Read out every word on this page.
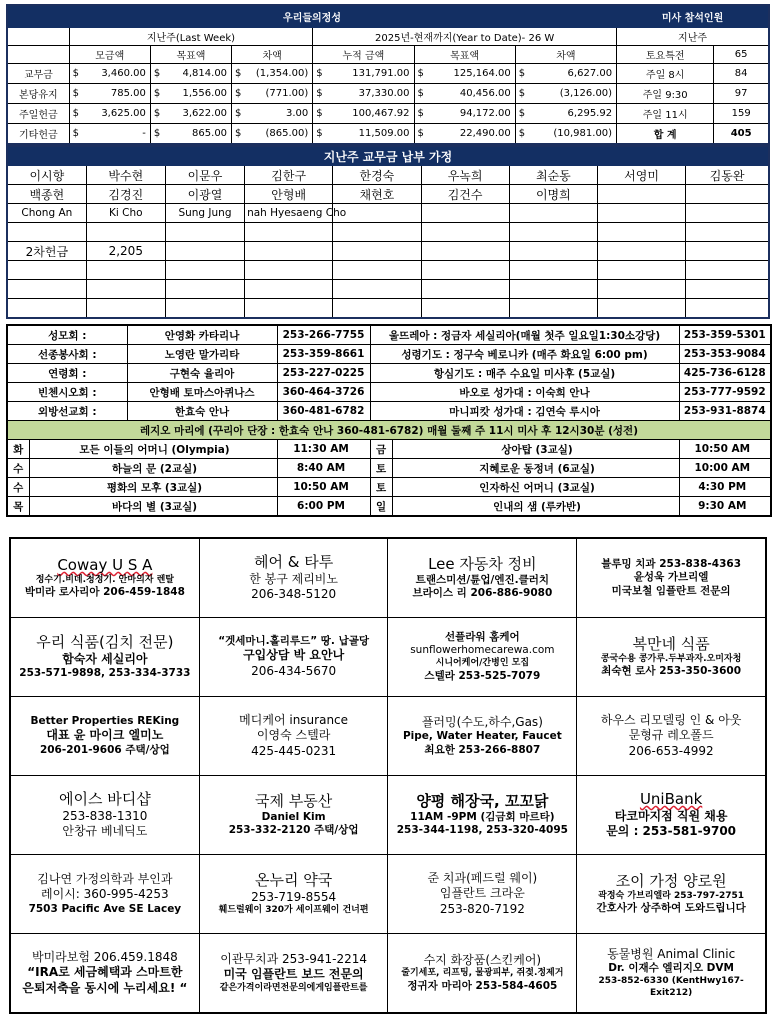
우리들의정성							미사 참석인원	
	지난주(Last Week)			2025년-현재까지(Year to Date)- 26 W			지난주	
	모금액	목표액	차액	누적 금액	목표액	차액	토요특전	65
교무금	$ 3,460.00	$ 4,814.00	$ (1,354.00)	$ 131,791.00	$ 125,164.00	$ 6,627.00	주일 8시	84
본당유지	$ 785.00	$ 1,556.00	$ (771.00)	$ 37,330.00	$ 40,456.00	$ (3,126.00)	주일 9:30	97
주일헌금	$ 3,625.00	$ 3,622.00	$ 3.00	$ 100,467.92	$ 94,172.00	$ 6,295.92	주일 11시	159
기타헌금	$ -	$ 865.00	$ (865.00)	$ 11,509.00	$ 22,490.00	$ (10,981.00)	합 계	405
지난주 교무금 납부 가정								
이시향	박수현	이문우	김한구	한경숙	우녹희	최순동	서영미	김동완
백종현	김경진	이광열	안형배	채현호	김건수	이명희		
Chong An	Ki Cho	Sung Jung	nah Hyesaeng Cho					

2차헌금	2,205							

성모회 :		안영화 카타리나	253-266-7755	울뜨레아 : 정금자 세실리아(매월 첫주 일요일1:30소강당)		253-359-5301
선종봉사회 :		노영란 말가리타	253-359-8661	성령기도 : 정구숙 베로니카 (매주 화요일 6:00 pm)		253-353-9084
연령회 :		구현숙 율리아	253-227-0225	항심기도 : 매주 수요일 미사후 (5교실)		425-736-6128
빈첸시오회 :		안형배 토마스아퀴나스	360-464-3726	바오로 성가대 : 이숙희 안나		253-777-9592
외방선교회 :		한효숙 안나	360-481-6782	마니피캇 성가대 : 김연숙 루시아		253-931-8874
레지오 마리에 (꾸리아 단장 : 한효숙 안나 360-481-6782) 매월 둘째 주 11시 미사 후 12시30분 (성전)						
화	모든 이들의 어머니 (Olympia)		11:30 AM	금	상아탑 (3교실)	10:50 AM
수	하늘의 문 (2교실)		8:40 AM	토	지혜로운 동정녀 (6교실)	10:00 AM
수	평화의 모후 (3교실)		10:50 AM	토	인자하신 어머니 (3교실)	4:30 PM
목	바다의 별 (3교실)		6:00 PM	일	인내의 샘 (루카반)	9:30 AM
Coway U S A
정수기.비데.청정기. 안마의자 렌탈
박미라 로사리아 206-459-1848

헤어 & 타투
한 봉구 제리비노
206-348-5120

Lee 자동차 정비
트랜스미션/튠업/엔진.클러치
브라이스 리 206-886-9080

블루밍 치과 253-838-4363
윤성욱 가브리엘
미국보철 임플란트 전문의

우리 식품(김치 전문)
함숙자 세실리아
253-571-9898, 253-334-3733

“겟세마니.홀리루드” 땅. 납골당
구입상담 박 요안나
206-434-5670

선플라워 홈케어
sunflowerhomecarewa.com
시니어케어/간병인 모집
스텔라 253-525-7079

복만네 식품
콩국수용 콩가루.두부과자.오미자청
최숙현 로사 253-350-3600

Better Properties REKing
대표 윤 마이크 엘미노
206-201-9606 주택/상업

메디케어 insurance
이영숙 스텔라
425-445-0231

플러밍(수도,하수,Gas)
Pipe, Water Heater, Faucet
최요한 253-266-8807

하우스 리모델링 인 & 아웃
문형규 레오폴드
206-653-4992

에이스 바디샵
253-838-1310
안창규 베네딕도

국제 부동산
Daniel Kim
253-332-2120 주택/상업

양평 해장국, 꼬꼬닭
11AM -9PM (김금회 마르타)
253-344-1198, 253-320-4095

UniBank
타코마지점 직원 채용
문의 : 253-581-9700

김나연 가정의학과 부인과
레이시: 360-995-4253
7503 Pacific Ave SE Lacey

온누리 약국
253-719-8554
훼드럴웨이 320가 세이프웨이 건너편

준 치과(페드럴 웨이)
임플란트 크라운
253-820-7192

조이 가정 양로원
곽정숙 가브리엘라 253-797-2751
간호사가 상주하여 도와드립니다

박미라보험 206.459.1848
“IRA로 세금혜택과 스마트한
은퇴저축을 동시에 누리세요! “

이관무치과 253-941-2214
미국 임플란트 보드 전문의
같은가격이라면전문의에게임플란트를

수지 화장품(스킨케어)
줄기세포, 리프팅, 물광피부, 쥐젖.정제거
정귀자 마리아 253-584-4605

동물병원 Animal Clinic
Dr. 이재수 엘리지오 DVM
253-852-6330 (KentHwy167-Exit212)
